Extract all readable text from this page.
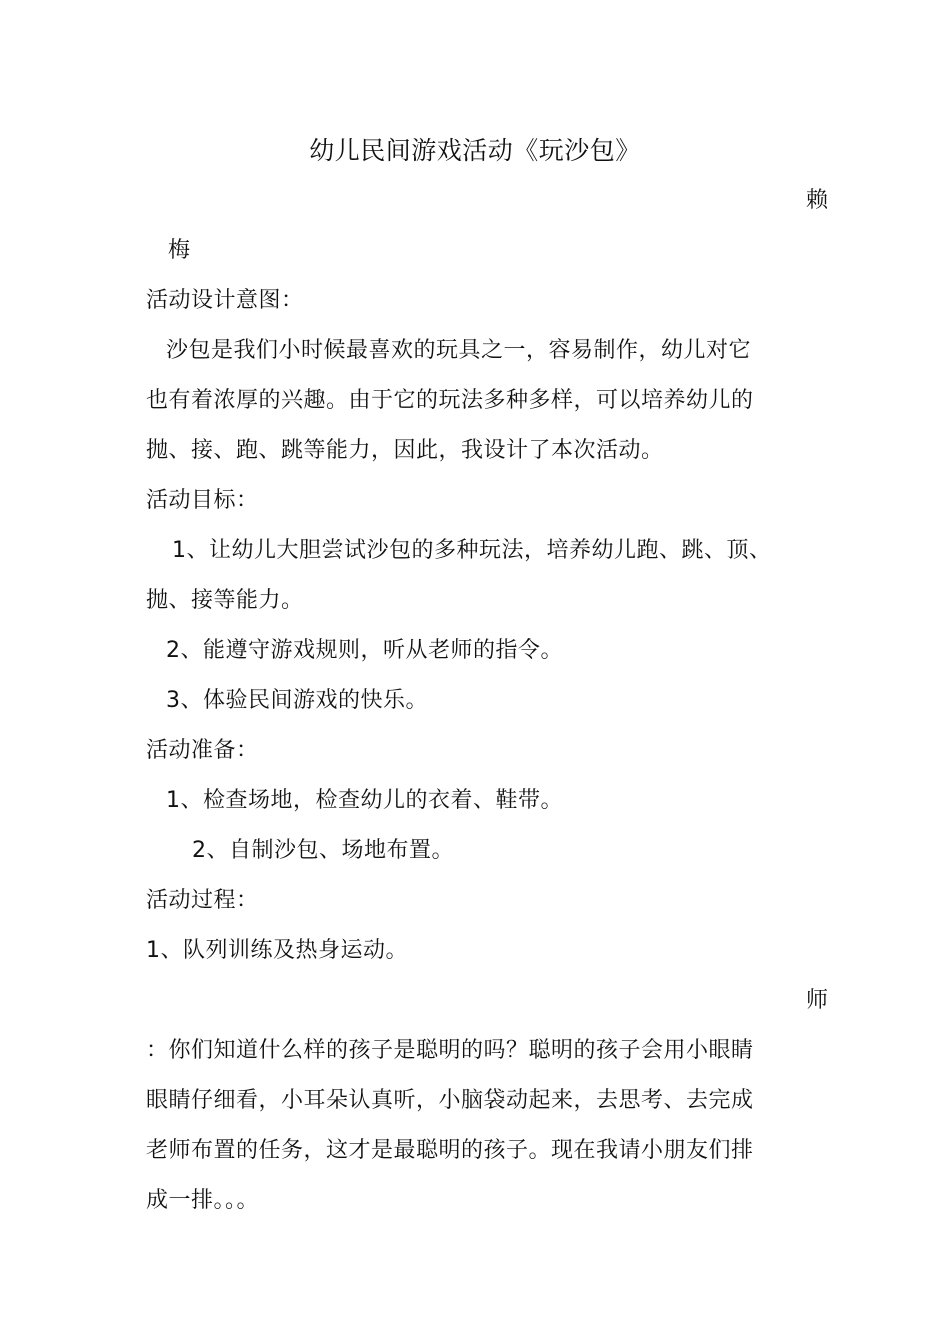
幼儿民间游戏活动《玩沙包》
赖
梅
活动设计意图：
沙包是我们小时候最喜欢的玩具之一，容易制作，幼儿对它
也有着浓厚的兴趣。由于它的玩法多种多样，可以培养幼儿的
抛、接、跑、跳等能力，因此，我设计了本次活动。
活动目标：
1、让幼儿大胆尝试沙包的多种玩法，培养幼儿跑、跳、顶、
抛、接等能力。
2、能遵守游戏规则，听从老师的指令。
3、体验民间游戏的快乐。
活动准备：
1、检查场地，检查幼儿的衣着、鞋带。
2、自制沙包、场地布置。
活动过程：
1、队列训练及热身运动。
师
：你们知道什么样的孩子是聪明的吗？聪明的孩子会用小眼睛
眼睛仔细看，小耳朵认真听，小脑袋动起来，去思考、去完成
老师布置的任务，这才是最聪明的孩子。现在我请小朋友们排
成一排。。。
